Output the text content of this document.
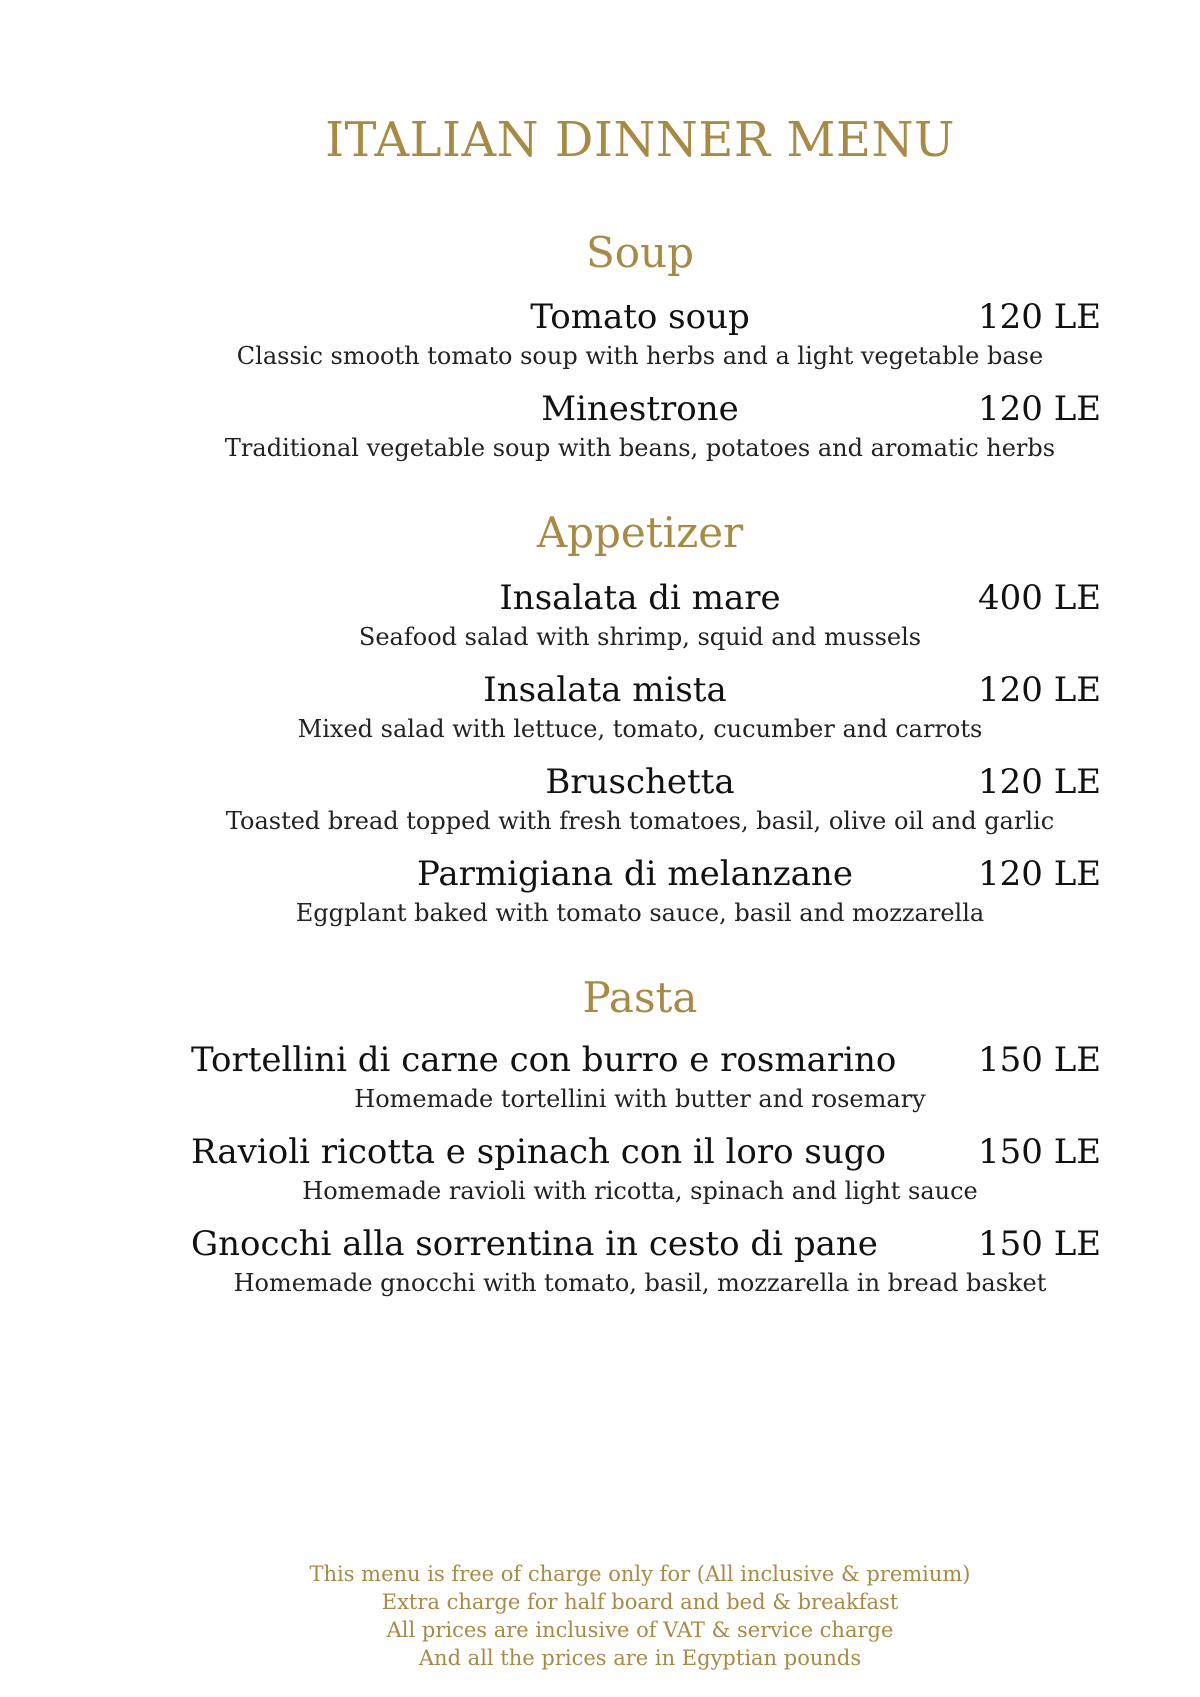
ITALIAN DINNER MENU
Soup
Tomato soup	120 LE
Classic smooth tomato soup with herbs and a light vegetable base
Minestrone	120 LE
Traditional vegetable soup with beans, potatoes and aromatic herbs
Appetizer
Insalata di mare	400 LE
Seafood salad with shrimp, squid and mussels
Insalata mista	120 LE
Mixed salad with lettuce, tomato, cucumber and carrots
Bruschetta	120 LE
Toasted bread topped with fresh tomatoes, basil, olive oil and garlic
Parmigiana di melanzane	120 LE
Eggplant baked with tomato sauce, basil and mozzarella
Pasta
Tortellini di carne con burro e rosmarino 150 LE
Homemade tortellini with butter and rosemary
Ravioli ricotta e spinach con il loro sugo	150 LE
Homemade ravioli with ricotta, spinach and light sauce
Gnocchi alla sorrentina in cesto di pane	150 LE
Homemade gnocchi with tomato, basil, mozzarella in bread basket
This menu is free of charge only for (All inclusive & premium)
Extra charge for half board and bed & breakfast
All prices are inclusive of VAT & service charge
And all the prices are in Egyptian pounds
